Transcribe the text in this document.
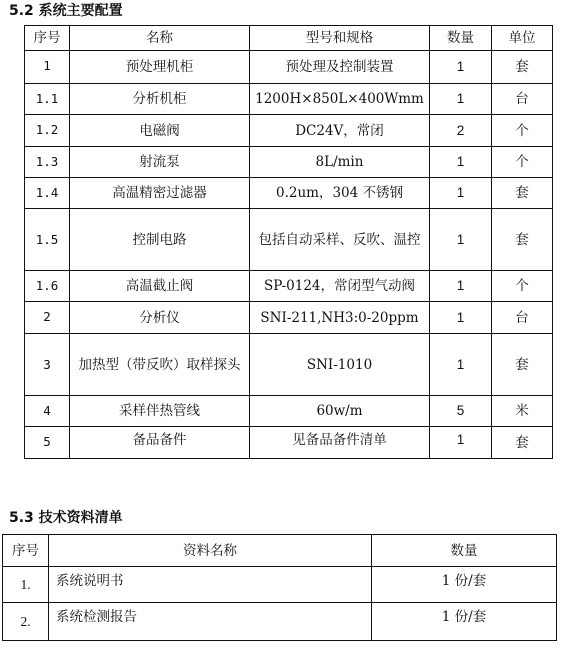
5.2 系统主要配置
序号	名称	型号和规格	数量	单位
1	预处理机柜	预处理及控制装置	1	套
1.1	分析机柜	1200H×850L×400Wmm	1	台
1.2	电磁阀	DC24V，常闭	2	个
1.3	射流泵	8L/min	1	个
1.4	高温精密过滤器	0.2um，304 不锈钢	1	套
1.5	控制电路	包括自动采样、反吹、温控	1	套
1.6	高温截止阀	SP-0124，常闭型气动阀	1	个
2	分析仪	SNI-211,NH3:0-20ppm	1	台
3	加热型（带反吹）取样探头	SNI-1010	1	套
4	采样伴热管线	60w/m	5	米
5	备品备件	见备品备件清单	1	套
5.3 技术资料清单
序号	资料名称	数量
1.	系统说明书	1 份/套
2.	系统检测报告	1 份/套
